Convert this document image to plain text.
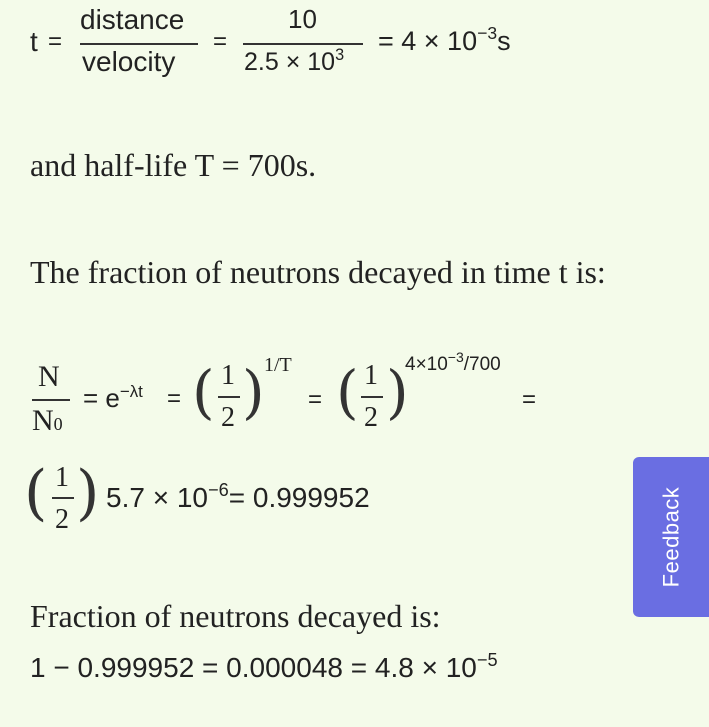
t =
distance
velocity
=
10
$2.5 \times 10^3 = 4 \times 10^{-3}s$

and half-life T = 700s.

The fraction of neutrons decayed in time t is:

N
N0
= $e^{-\lambda t}$ = ( 1
2 ) 1/T
= ( 1
2 )
$4\times 10^{-3}/700$
=
( 1
2 ) $5.7 \times 10^{-6}= 0.999952$

Fraction of neutrons decayed is:

$1 - 0.999952 = 0.000048 = 4.8 \times 10^{-5}$

Feedback
